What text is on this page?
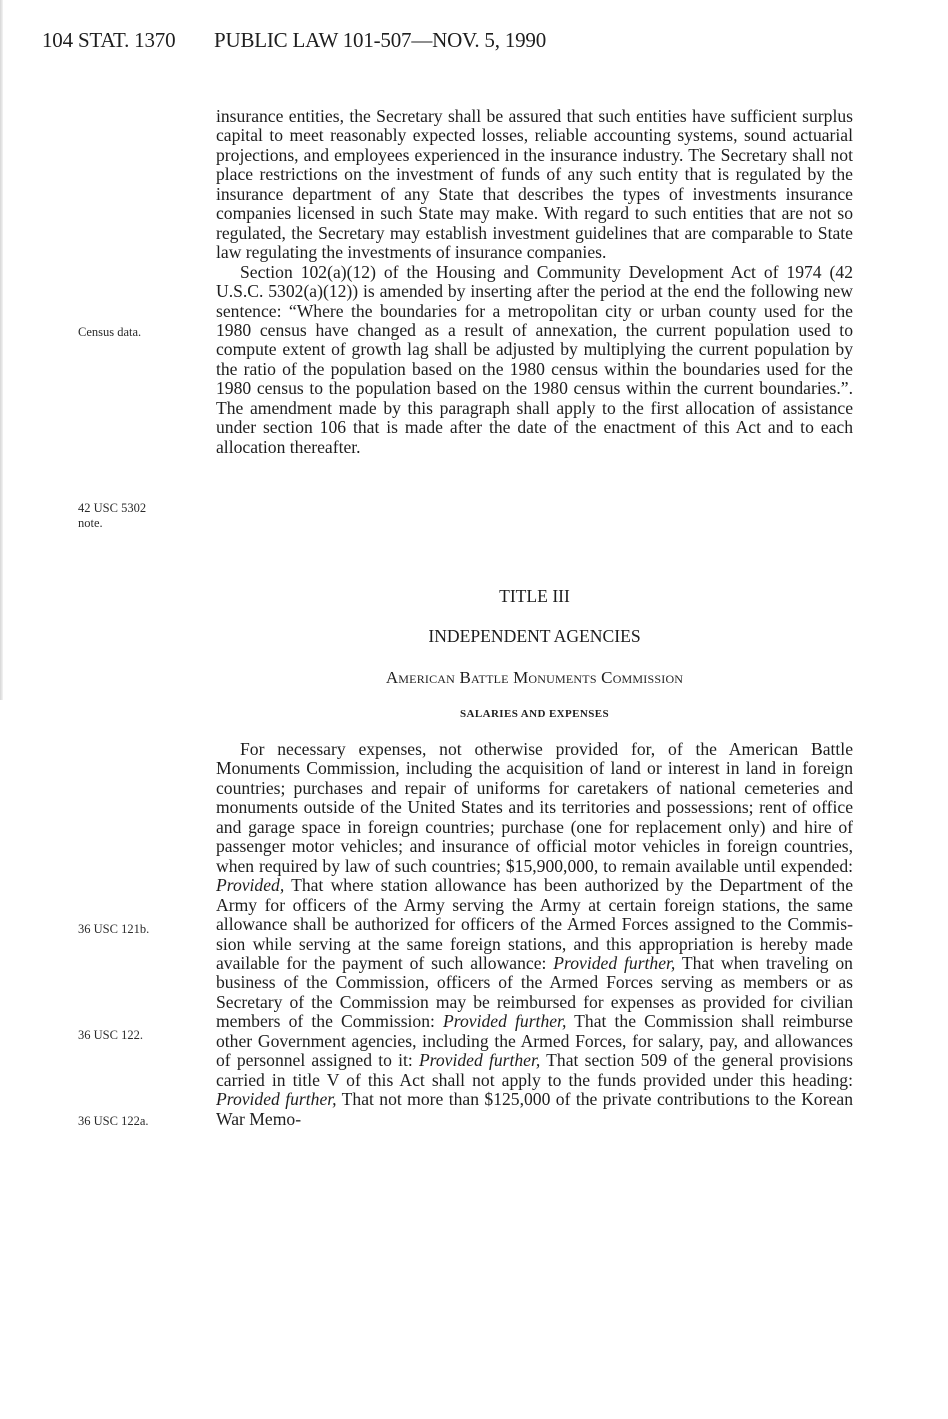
104 STAT. 1370 PUBLIC LAW 101-507—NOV. 5, 1990
Census data.
42 USC 5302
note.
36 USC 121b.
36 USC 122.
36 USC 122a.

insurance entities, the Secretary shall be assured that such entities have sufficient surplus capital to meet reasonably expected losses, reliable accounting systems, sound actuarial projections, and employees experienced in the insurance industry. The Secretary shall not place restrictions on the investment of funds of any such entity that is regulated by the insurance department of any State that describes the types of investments insurance companies licensed in such State may make. With regard to such entities that are not so regulated, the Secretary may establish investment guidelines that are comparable to State law regulating the investments of insurance companies.

Section 102(a)(12) of the Housing and Community Development Act of 1974 (42 U.S.C. 5302(a)(12)) is amended by inserting after the period at the end the following new sentence: “Where the boundaries for a metropolitan city or urban county used for the 1980 census have changed as a result of annexation, the current population used to compute extent of growth lag shall be adjusted by multiplying the current population by the ratio of the population based on the 1980 census within the boundaries used for the 1980 census to the population based on the 1980 census within the current boundaries.”. The amendment made by this paragraph shall apply to the first allocation of assistance under section 106 that is made after the date of the enactment of this Act and to each allocation thereafter.

TITLE III
INDEPENDENT AGENCIES
American Battle Monuments Commission
SALARIES AND EXPENSES

For necessary expenses, not otherwise provided for, of the American Battle Monuments Commission, including the acquisition of land or interest in land in foreign countries; purchases and repair of uniforms for caretakers of national cemeteries and monuments outside of the United States and its territories and possessions; rent of office and garage space in foreign countries; purchase (one for replacement only) and hire of passenger motor vehicles; and insurance of official motor vehicles in foreign countries, when required by law of such countries; $15,900,000, to remain available until expended: Provided, That where station allowance has been authorized by the Department of the Army for officers of the Army serving the Army at certain foreign stations, the same allowance shall be authorized for officers of the Armed Forces assigned to the Commission while serving at the same foreign stations, and this appropriation is hereby made available for the payment of such allowance: Provided further, That when traveling on business of the Commission, officers of the Armed Forces serving as members or as Secretary of the Commission may be reimbursed for expenses as provided for civilian members of the Commission: Provided further, That the Commission shall reimburse other Government agencies, including the Armed Forces, for salary, pay, and allowances of personnel assigned to it: Provided further, That section 509 of the general provisions carried in title V of this Act shall not apply to the funds provided under this heading: Provided further, That not more than $125,000 of the private contributions to the Korean War Memo-
